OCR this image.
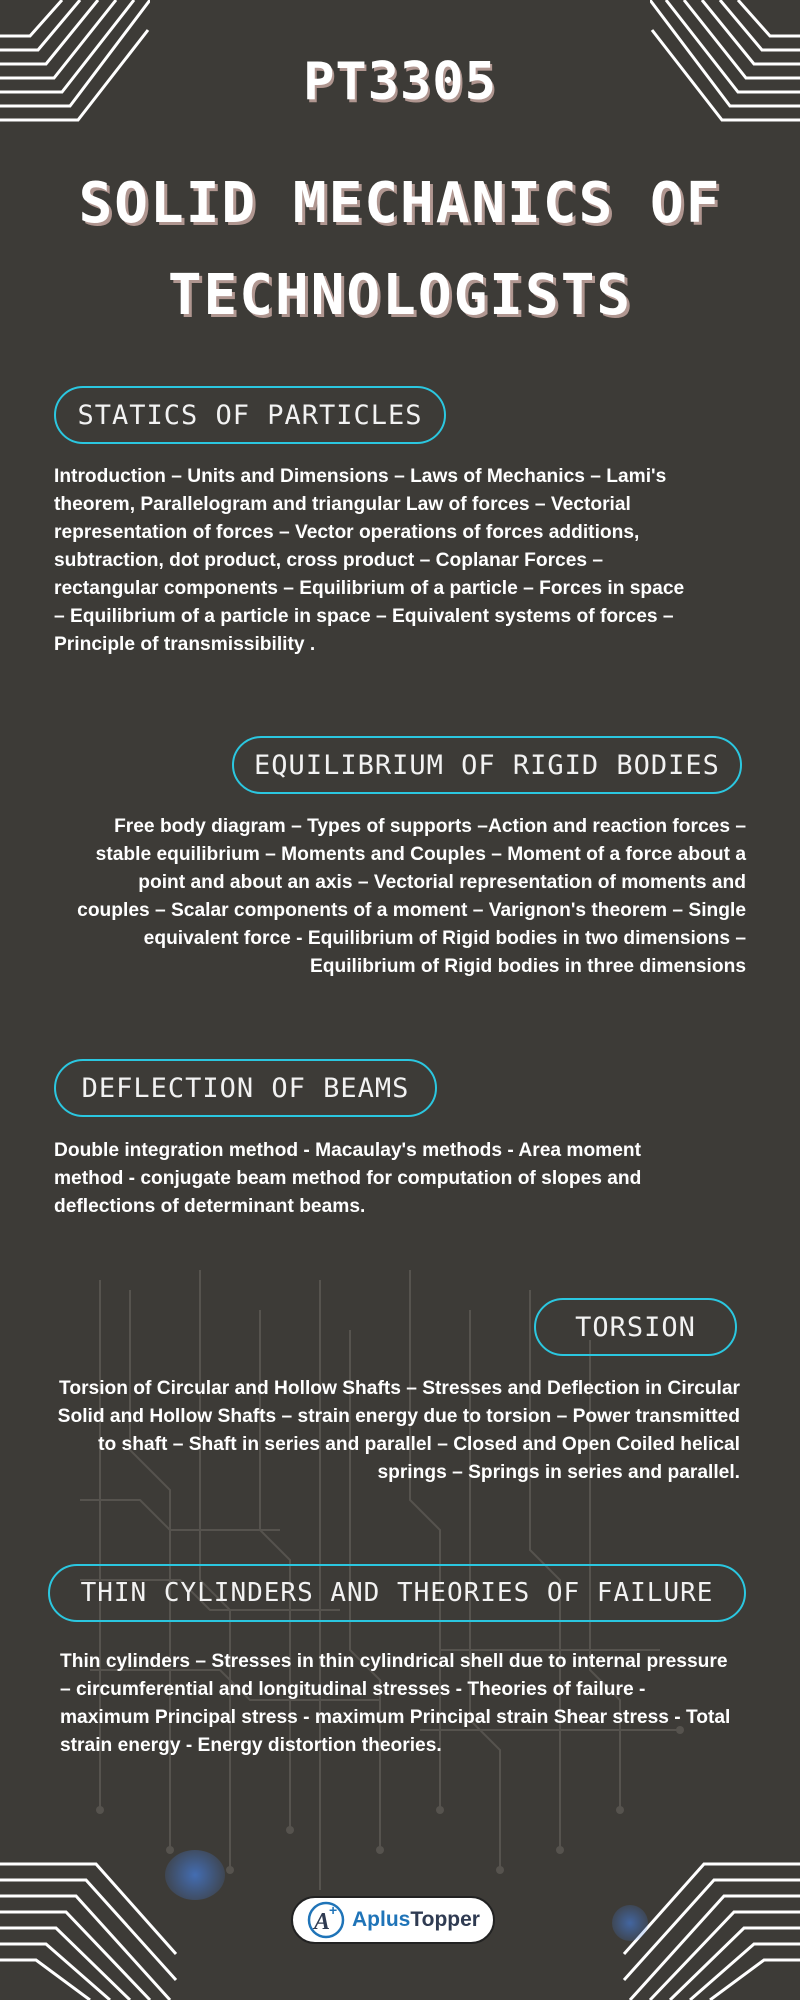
PT3305
SOLID MECHANICS OF TECHNOLOGISTS
STATICS OF PARTICLES
Introduction – Units and Dimensions – Laws of Mechanics – Lami's theorem, Parallelogram and triangular Law of forces – Vectorial representation of forces – Vector operations of forces additions, subtraction, dot product, cross product – Coplanar Forces – rectangular components – Equilibrium of a particle – Forces in space – Equilibrium of a particle in space – Equivalent systems of forces – Principle of transmissibility .
EQUILIBRIUM OF RIGID BODIES
Free body diagram – Types of supports –Action and reaction forces – stable equilibrium – Moments and Couples – Moment of a force about a point and about an axis – Vectorial representation of moments and couples – Scalar components of a moment – Varignon's theorem – Single equivalent force - Equilibrium of Rigid bodies in two dimensions – Equilibrium of Rigid bodies in three dimensions
DEFLECTION OF BEAMS
Double integration method - Macaulay's methods - Area moment method - conjugate beam method for computation of slopes and deflections of determinant beams.
TORSION
Torsion of Circular and Hollow Shafts – Stresses and Deflection in Circular Solid and Hollow Shafts – strain energy due to torsion – Power transmitted to shaft – Shaft in series and parallel – Closed and Open Coiled helical springs – Springs in series and parallel.
THIN CYLINDERS AND THEORIES OF FAILURE
Thin cylinders – Stresses in thin cylindrical shell due to internal pressure – circumferential and longitudinal stresses - Theories of failure - maximum Principal stress - maximum Principal strain Shear stress - Total strain energy - Energy distortion theories.
A
+ AplusTopper
